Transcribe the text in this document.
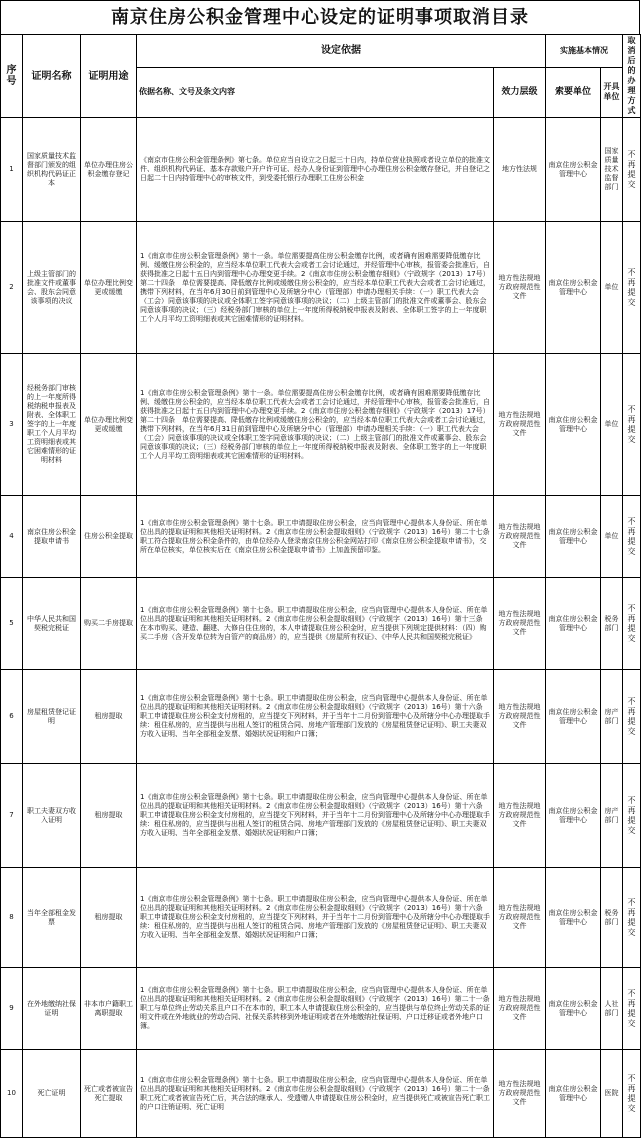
南京住房公积金管理中心设定的证明事项取消目录
序号	证明名称	证明用途	设定依据		实施基本情况		取消后的办理方式
			依据名称、文号及条文内容	效力层级	索要单位	开具单位	
1	国家质量技术监督部门颁发的组织机构代码证正本	单位办理住房公积金缴存登记	《南京市住房公积金管理条例》第七条。单位应当自设立之日起三十日内，持单位营业执照或者设立单位的批准文件、组织机构代码证、基本存款账户开户许可证、经办人身份证到管理中心办理住房公积金缴存登记，并自登记之日起二十日内持管理中心的审核文件，到受委托银行办理职工住房公积金	地方性法规	南京住房公积金管理中心	国家质量技术监督部门	不再提交
2	上级主管部门的批准文件或董事会、股东会同意该事项的决议	单位办理比例变更或缓缴	1《南京市住房公积金管理条例》第十一条。单位需要提高住房公积金缴存比例，或者确有困难需要降低缴存比例、缓缴住房公积金的，应当经本单位职工代表大会或者工会讨论通过，并经管理中心审核，报管委会批准后，自获得批准之日起十五日内到管理中心办理变更手续。2《南京市住房公积金缴存细则》（宁政规字（2013）17号）第二十四条　单位需要提高、降低缴存比例或缓缴住房公积金的，应当经本单位职工代表大会或者工会讨论通过，携带下列材料，在当年6月30日前到管理中心及所辖分中心（管理部）申请办理相关手续：（一）职工代表大会（工会）同意该事项的决议或全体职工签字同意该事项的决议；（二）上级主管部门的批准文件或董事会、股东会同意该事项的决议；（三）经税务部门审核的单位上一年度所得税纳税申报表及附表、全体职工签字的上一年度职工个人月平均工资明细表或其它困难情形的证明材料。	地方性法规地方政府规范性文件	南京住房公积金管理中心	单位	不再提交
3	经税务部门审核的上一年度所得税纳税申报表及附表、全体职工签字的上一年度职工个人月平均工资明细表或其它困难情形的证明材料	单位办理比例变更或缓缴	1《南京市住房公积金管理条例》第十一条。单位需要提高住房公积金缴存比例，或者确有困难需要降低缴存比例、缓缴住房公积金的，应当经本单位职工代表大会或者工会讨论通过，并经管理中心审核，报管委会批准后，自获得批准之日起十五日内到管理中心办理变更手续。2《南京市住房公积金缴存细则》（宁政规字（2013）17号）第二十四条　单位需要提高、降低缴存比例或缓缴住房公积金的，应当经本单位职工代表大会或者工会讨论通过，携带下列材料，在当年6月31日前到管理中心及所辖分中心（管理部）申请办理相关手续：（一）职工代表大会（工会）同意该事项的决议或全体职工签字同意该事项的决议；（二）上级主管部门的批准文件或董事会、股东会同意该事项的决议；（三）经税务部门审核的单位上一年度所得税纳税申报表及附表、全体职工签字的上一年度职工个人月平均工资明细表或其它困难情形的证明材料。	地方性法规地方政府规范性文件	南京住房公积金管理中心	单位	不再提交
4	南京住房公积金提取申请书	住房公积金提取	1《南京市住房公积金管理条例》第十七条。职工申请提取住房公积金，应当向管理中心提供本人身份证、所在单位出具的提取证明和其他相关证明材料。2《南京市住房公积金提取细则》（宁政规字（2013）16号）第二十七条　职工符合提取住房公积金条件的，由单位经办人登录南京住房公积金网站打印《南京住房公积金提取申请书》，交所在单位核实，单位核实后在《南京住房公积金提取申请书》上加盖预留印鉴。	地方性法规地方政府规范性文件	南京住房公积金管理中心	单位	不再提交
5	中华人民共和国契税完税证	购买二手房提取	1《南京市住房公积金管理条例》第十七条。职工申请提取住房公积金，应当向管理中心提供本人身份证、所在单位出具的提取证明和其他相关证明材料。2《南京市住房公积金提取细则》（宁政规字（2013）16号）第十三条　在本市购买、建造、翻建、大修自住住房的，本人申请提取住房公积金时，应当提供下列规定提供材料：（四）购买二手房（含开发单位转为自管产的商品房）的，应当提供《房屋所有权证》、《中华人民共和国契税完税证》	地方性法规地方政府规范性文件	南京住房公积金管理中心	税务部门	不再提交
6	房屋租赁登记证明	租房提取	1《南京市住房公积金管理条例》第十七条。职工申请提取住房公积金，应当向管理中心提供本人身份证、所在单位出具的提取证明和其他相关证明材料。2《南京市住房公积金提取细则》（宁政规字（2013）16号）第十六条　职工申请提取住房公积金支付房租的，应当提交下列材料，并于当年十二月份到管理中心及所辖分中心办理提取手续：租住私房的，应当提供与出租人签订的租赁合同、房地产管理部门发放的《房屋租赁登记证明》、职工夫妻双方收入证明、当年全部租金发票、婚姻状况证明和户口簿；	地方性法规地方政府规范性文件	南京住房公积金管理中心	房产部门	不再提交
7	职工夫妻双方收入证明	租房提取	1《南京市住房公积金管理条例》第十七条。职工申请提取住房公积金，应当向管理中心提供本人身份证、所在单位出具的提取证明和其他相关证明材料。2《南京市住房公积金提取细则》（宁政规字（2013）16号）第十六条　职工申请提取住房公积金支付房租的，应当提交下列材料，并于当年十二月份到管理中心及所辖分中心办理提取手续：租住私房的，应当提供与出租人签订的租赁合同、房地产管理部门发放的《房屋租赁登记证明》、职工夫妻双方收入证明、当年全部租金发票、婚姻状况证明和户口簿；	地方性法规地方政府规范性文件	南京住房公积金管理中心	房产部门	不再提交
8	当年全部租金发票	租房提取	1《南京市住房公积金管理条例》第十七条。职工申请提取住房公积金，应当向管理中心提供本人身份证、所在单位出具的提取证明和其他相关证明材料。2《南京市住房公积金提取细则》（宁政规字（2013）16号）第十六条　职工申请提取住房公积金支付房租的，应当提交下列材料，并于当年十二月份到管理中心及所辖分中心办理提取手续：租住私房的，应当提供与出租人签订的租赁合同、房地产管理部门发放的《房屋租赁登记证明》、职工夫妻双方收入证明、当年全部租金发票、婚姻状况证明和户口簿；	地方性法规地方政府规范性文件	南京住房公积金管理中心	税务部门	不再提交
9	在外地缴纳社保证明	非本市户籍职工离职提取	1《南京市住房公积金管理条例》第十七条。职工申请提取住房公积金，应当向管理中心提供本人身份证、所在单位出具的提取证明和其他相关证明材料。2《南京市住房公积金提取细则》（宁政规字（2013）16号）第二十一条　职工与单位终止劳动关系且户口不在本市的，职工本人申请提取住房公积金的，应当提供与单位终止劳动关系的证明文件或在外地就业的劳动合同、社保关系转移到外地证明或者在外地缴纳社保证明、户口迁移证或者外地户口簿。	地方性法规地方政府规范性文件	南京住房公积金管理中心	人社部门	不再提交
10	死亡证明	死亡或者被宣告死亡提取	1《南京市住房公积金管理条例》第十七条。职工申请提取住房公积金，应当向管理中心提供本人身份证、所在单位出具的提取证明和其他相关证明材料。2《南京市住房公积金提取细则》（宁政规字（2013）16号）第二十一条　职工死亡或者被宣告死亡后，其合法的继承人、受遗赠人申请提取住房公积金时，应当提供死亡或被宣告死亡职工的户口注销证明、死亡证明	地方性法规地方政府规范性文件	南京住房公积金管理中心	医院	不再提交
